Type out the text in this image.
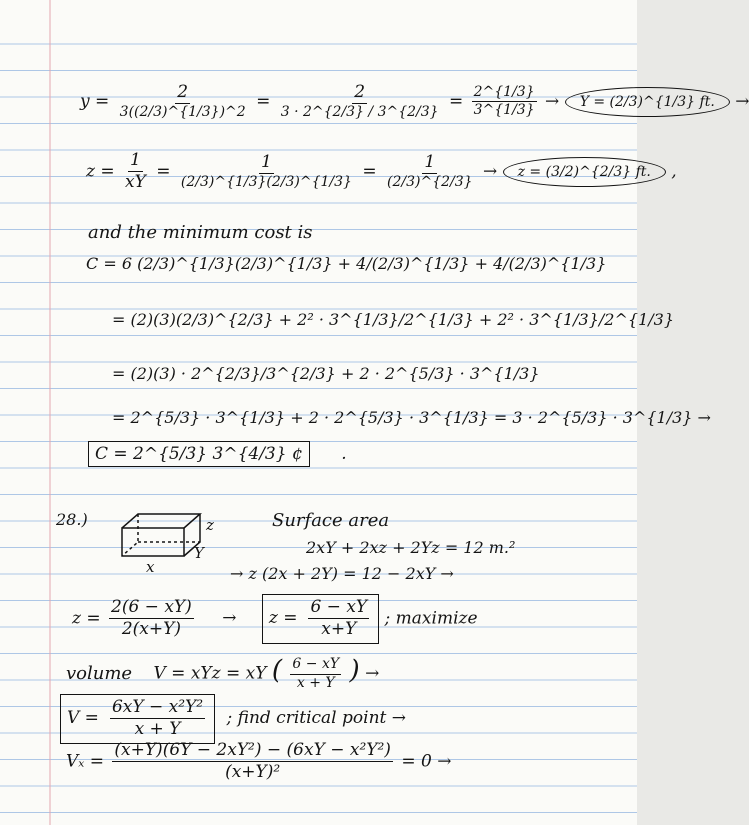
$y = \frac{2}{3((2/3)\^{}\{1/3\})\^{}2} = \frac{2}{3 \cdot 2\^{}\{2/3\} / 3\^{}\{2/3\}} = \frac{2\^{}\{1/3\}}{3\^{}\{1/3\}} \to Y$ = (2/3)^{1/3} ft. →
$z = \frac{1}{xY} = \frac{1}{(2/3)\^{}\{1/3\}(2/3)\^{}\{1/3\}} = \frac{1}{(2/3)\^{}\{2/3\}} \to z$ = (3/2)^{2/3} ft. ,
and the minimum cost is
C = 6 (2/3)^{1/3}(2/3)^{1/3} + 4/(2/3)^{1/3} + 4/(2/3)^{1/3}
= (2)(3)(2/3)^{2/3} + 2² · 3^{1/3}/2^{1/3} + 2² · 3^{1/3}/2^{1/3}
= (2)(3) · 2^{2/3}/3^{2/3} + 2 · 2^{5/3} · 3^{1/3}
= 2^{5/3} · 3^{1/3} + 2 · 2^{5/3} · 3^{1/3} = 3 · 2^{5/3} · 3^{1/3} →
C = 2^{5/3} 3^{4/3} ¢ .
28.)	z
x
Y
Surface area
2xY + 2xz + 2Yz = 12 m.²
→ z (2x + 2Y) = 12 − 2xY →
$z = \frac{2(6 - xY)}{2(x+Y)} \to z = \frac{6 - xY}{x+Y}$ ; maximize
volume V = xYz = xY ( $\frac{6 - xY}{x + Y}$ ) →
$V = \frac{\text{6xY − x²Y²}}{x + Y}$ ; find critical point →
$V_x = \frac{\text{(x+Y)(6Y − 2xY²) − (6xY − x²Y²)}}{\text{(x+Y)²}} = 0$ →
